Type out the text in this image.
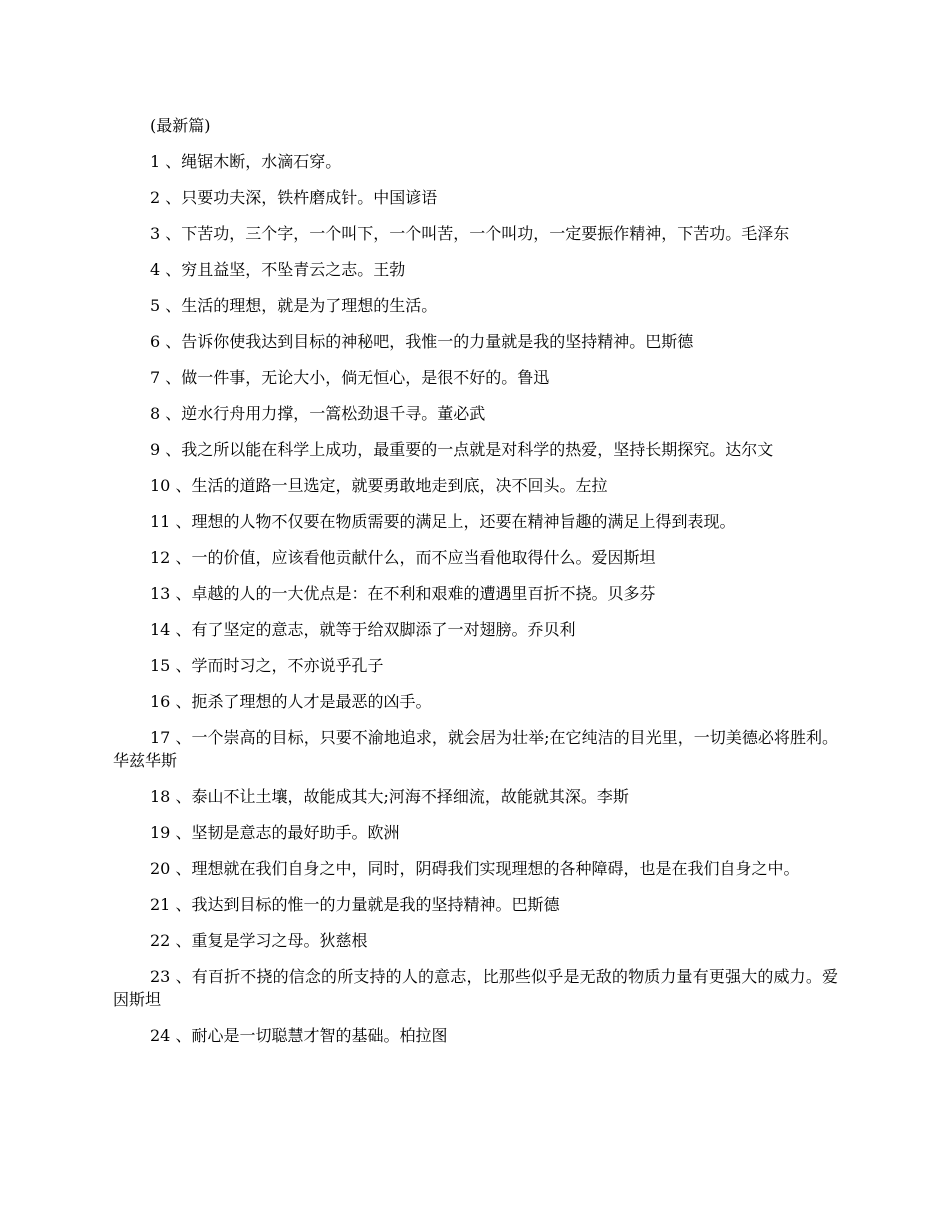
(最新篇)

1 、绳锯木断，水滴石穿。

2 、只要功夫深，铁杵磨成针。中国谚语

3 、下苦功，三个字，一个叫下，一个叫苦，一个叫功，一定要振作精神，下苦功。毛泽东

4 、穷且益坚，不坠青云之志。王勃

5 、生活的理想，就是为了理想的生活。

6 、告诉你使我达到目标的神秘吧，我惟一的力量就是我的坚持精神。巴斯德

7 、做一件事，无论大小，倘无恒心，是很不好的。鲁迅

8 、逆水行舟用力撑，一篙松劲退千寻。董必武

9 、我之所以能在科学上成功，最重要的一点就是对科学的热爱，坚持长期探究。达尔文

10 、生活的道路一旦选定，就要勇敢地走到底，决不回头。左拉

11 、理想的人物不仅要在物质需要的满足上，还要在精神旨趣的满足上得到表现。

12 、一的价值，应该看他贡献什么，而不应当看他取得什么。爱因斯坦

13 、卓越的人的一大优点是：在不利和艰难的遭遇里百折不挠。贝多芬

14 、有了坚定的意志，就等于给双脚添了一对翅膀。乔贝利

15 、学而时习之，不亦说乎孔子

16 、扼杀了理想的人才是最恶的凶手。

17 、一个崇高的目标，只要不渝地追求，就会居为壮举;在它纯洁的目光里，一切美德必将胜利。华兹华斯

18 、泰山不让土壤，故能成其大;河海不择细流，故能就其深。李斯

19 、坚韧是意志的最好助手。欧洲

20 、理想就在我们自身之中，同时，阴碍我们实现理想的各种障碍，也是在我们自身之中。

21 、我达到目标的惟一的力量就是我的坚持精神。巴斯德

22 、重复是学习之母。狄慈根

23 、有百折不挠的信念的所支持的人的意志，比那些似乎是无敌的物质力量有更强大的威力。爱因斯坦

24 、耐心是一切聪慧才智的基础。柏拉图
